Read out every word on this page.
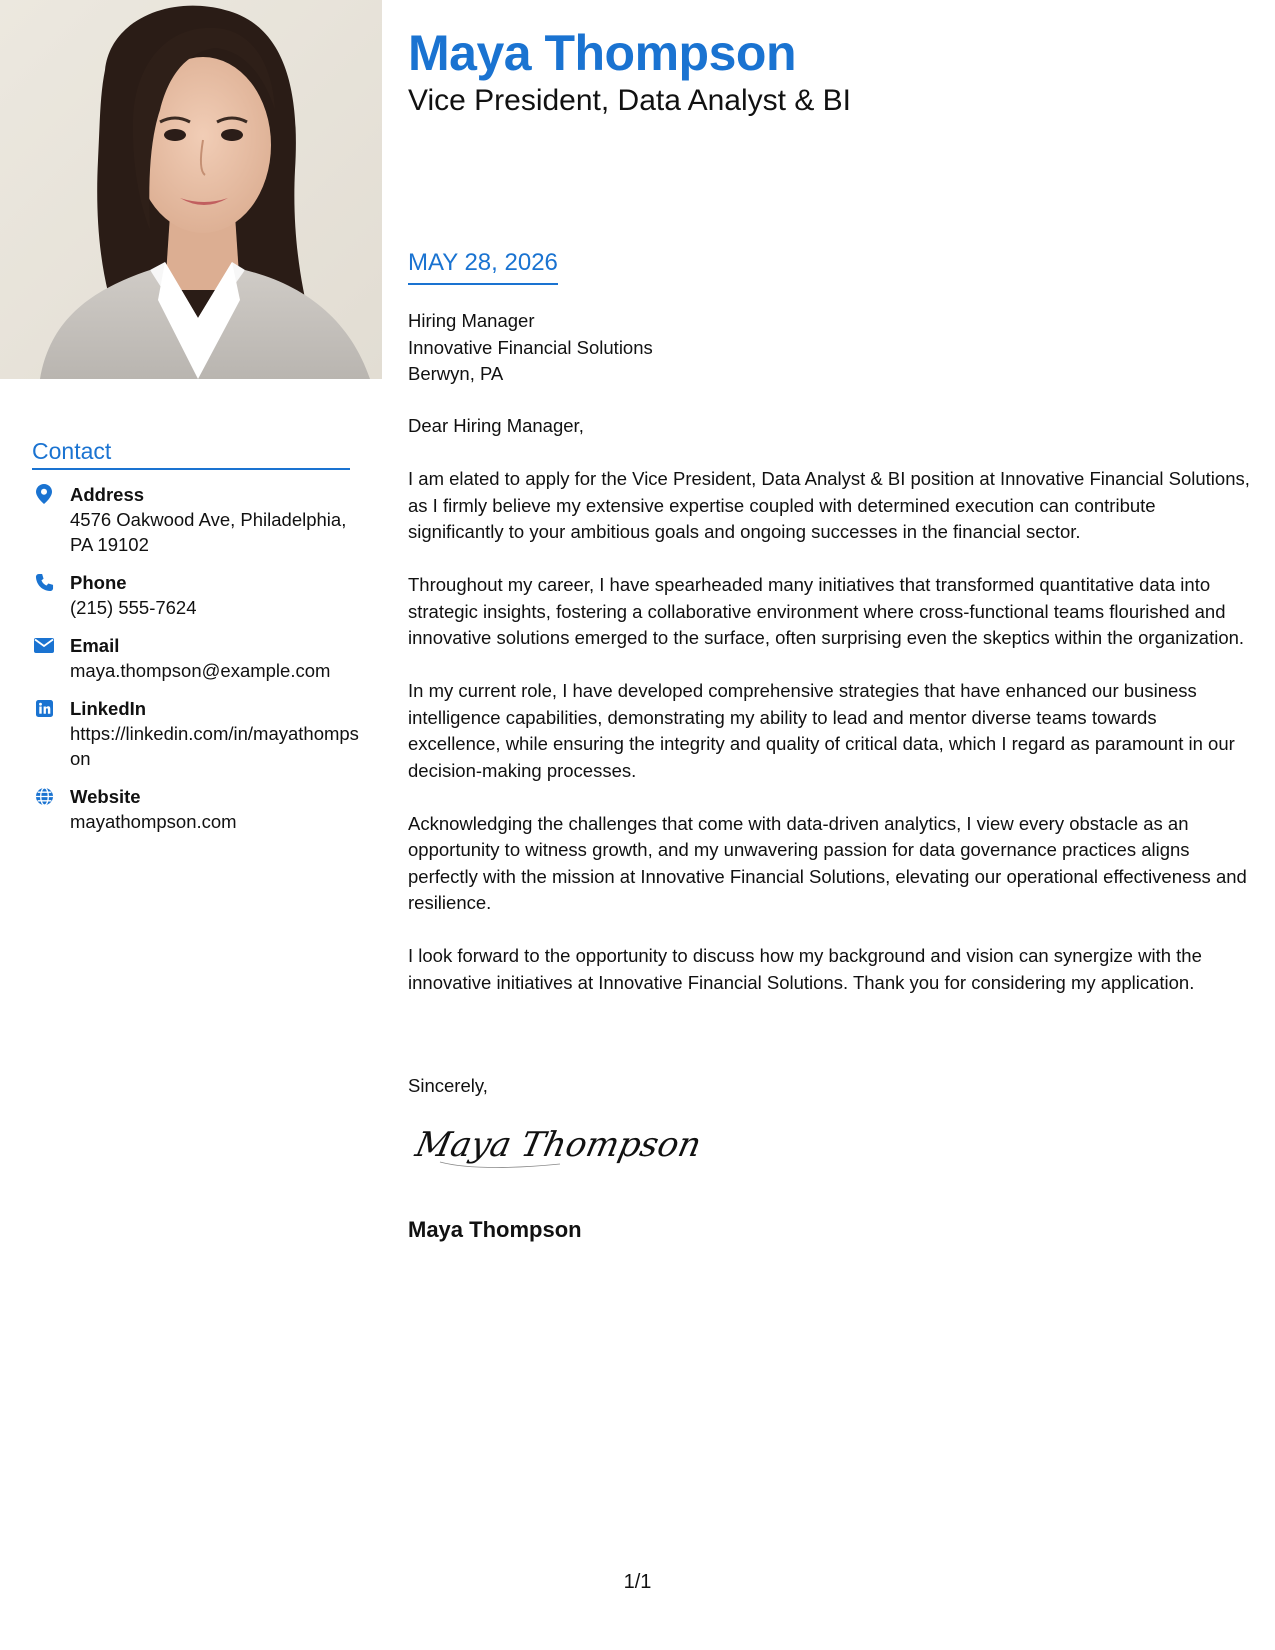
Maya Thompson
Vice President, Data Analyst & BI
Contact
Address
4576 Oakwood Ave, Philadelphia, PA 19102
Phone
(215) 555-7624
Email
maya.thompson@example.com
LinkedIn
https://linkedin.com/in/mayathompson
Website
mayathompson.com
MAY 28, 2026
Hiring Manager
Innovative Financial Solutions
Berwyn, PA

Dear Hiring Manager,

I am elated to apply for the Vice President, Data Analyst & BI position at Innovative Financial Solutions, as I firmly believe my extensive expertise coupled with determined execution can contribute significantly to your ambitious goals and ongoing successes in the financial sector.

Throughout my career, I have spearheaded many initiatives that transformed quantitative data into strategic insights, fostering a collaborative environment where cross-functional teams flourished and innovative solutions emerged to the surface, often surprising even the skeptics within the organization.

In my current role, I have developed comprehensive strategies that have enhanced our business intelligence capabilities, demonstrating my ability to lead and mentor diverse teams towards excellence, while ensuring the integrity and quality of critical data, which I regard as paramount in our decision-making processes.

Acknowledging the challenges that come with data-driven analytics, I view every obstacle as an opportunity to witness growth, and my unwavering passion for data governance practices aligns perfectly with the mission at Innovative Financial Solutions, elevating our operational effectiveness and resilience.

I look forward to the opportunity to discuss how my background and vision can synergize with the innovative initiatives at Innovative Financial Solutions. Thank you for considering my application.

Sincerely,
Maya Thompson
Maya Thompson
1/1
